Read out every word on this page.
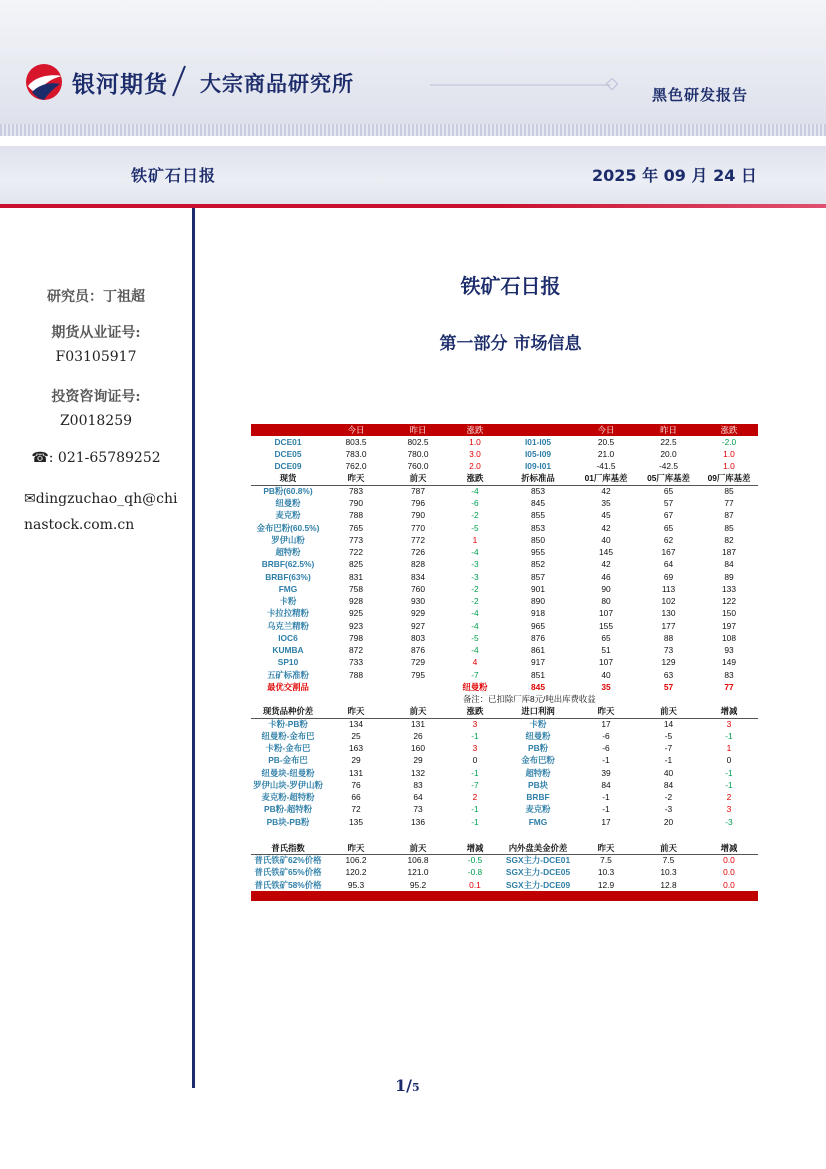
银河期货 大宗商品研究所	黑色研发报告
铁矿石日报	2025 年 09 月 24 日
研究员：丁祖超
期货从业证号:
F03105917
投资咨询证号:
Z0018259
☎: 021-65789252
✉dingzuchao_qh@chinastock.com.cn
铁矿石日报
第一部分 市场信息
	今日	昨日	涨跌		今日	昨日	涨跌
DCE01	803.5	802.5	1.0	I01-I05	20.5	22.5	-2.0
DCE05	783.0	780.0	3.0	I05-I09	21.0	20.0	1.0
DCE09	762.0	760.0	2.0	I09-I01	-41.5	-42.5	1.0
现货	昨天	前天	涨跌	折标准品	01厂库基差	05厂库基差	09厂库基差
PB粉(60.8%)	783	787	-4	853	42	65	85
纽曼粉	790	796	-6	845	35	57	77
麦克粉	788	790	-2	855	45	67	87
金布巴粉(60.5%)	765	770	-5	853	42	65	85
罗伊山粉	773	772	1	850	40	62	82
超特粉	722	726	-4	955	145	167	187
BRBF(62.5%)	825	828	-3	852	42	64	84
BRBF(63%)	831	834	-3	857	46	69	89
FMG	758	760	-2	901	90	113	133
卡粉	928	930	-2	890	80	102	122
卡拉拉精粉	925	929	-4	918	107	130	150
乌克兰精粉	923	927	-4	965	155	177	197
IOC6	798	803	-5	876	65	88	108
KUMBA	872	876	-4	861	51	73	93
SP10	733	729	4	917	107	129	149
五矿标准粉	788	795	-7	851	40	63	83
最优交割品			纽曼粉	845	35	57	77
			备注：已扣除厂库8元/吨出库费收益				
现货品种价差	昨天	前天	涨跌	进口利润	昨天	前天	增减
卡粉-PB粉	134	131	3	卡粉	17	14	3
纽曼粉-金布巴	25	26	-1	纽曼粉	-6	-5	-1
卡粉-金布巴	163	160	3	PB粉	-6	-7	1
PB-金布巴	29	29	0	金布巴粉	-1	-1	0
纽曼块-纽曼粉	131	132	-1	超特粉	39	40	-1
罗伊山块-罗伊山粉	76	83	-7	PB块	84	84	-1
麦克粉-超特粉	66	64	2	BRBF	-1	-2	2
PB粉-超特粉	72	73	-1	麦克粉	-1	-3	3
PB块-PB粉	135	136	-1	FMG	17	20	-3

普氏指数	昨天	前天	增减	内外盘美金价差	昨天	前天	增减
普氏铁矿62%价格	106.2	106.8	-0.5	SGX主力-DCE01	7.5	7.5	0.0
普氏铁矿65%价格	120.2	121.0	-0.8	SGX主力-DCE05	10.3	10.3	0.0
普氏铁矿58%价格	95.3	95.2	0.1	SGX主力-DCE09	12.9	12.8	0.0

1/5
